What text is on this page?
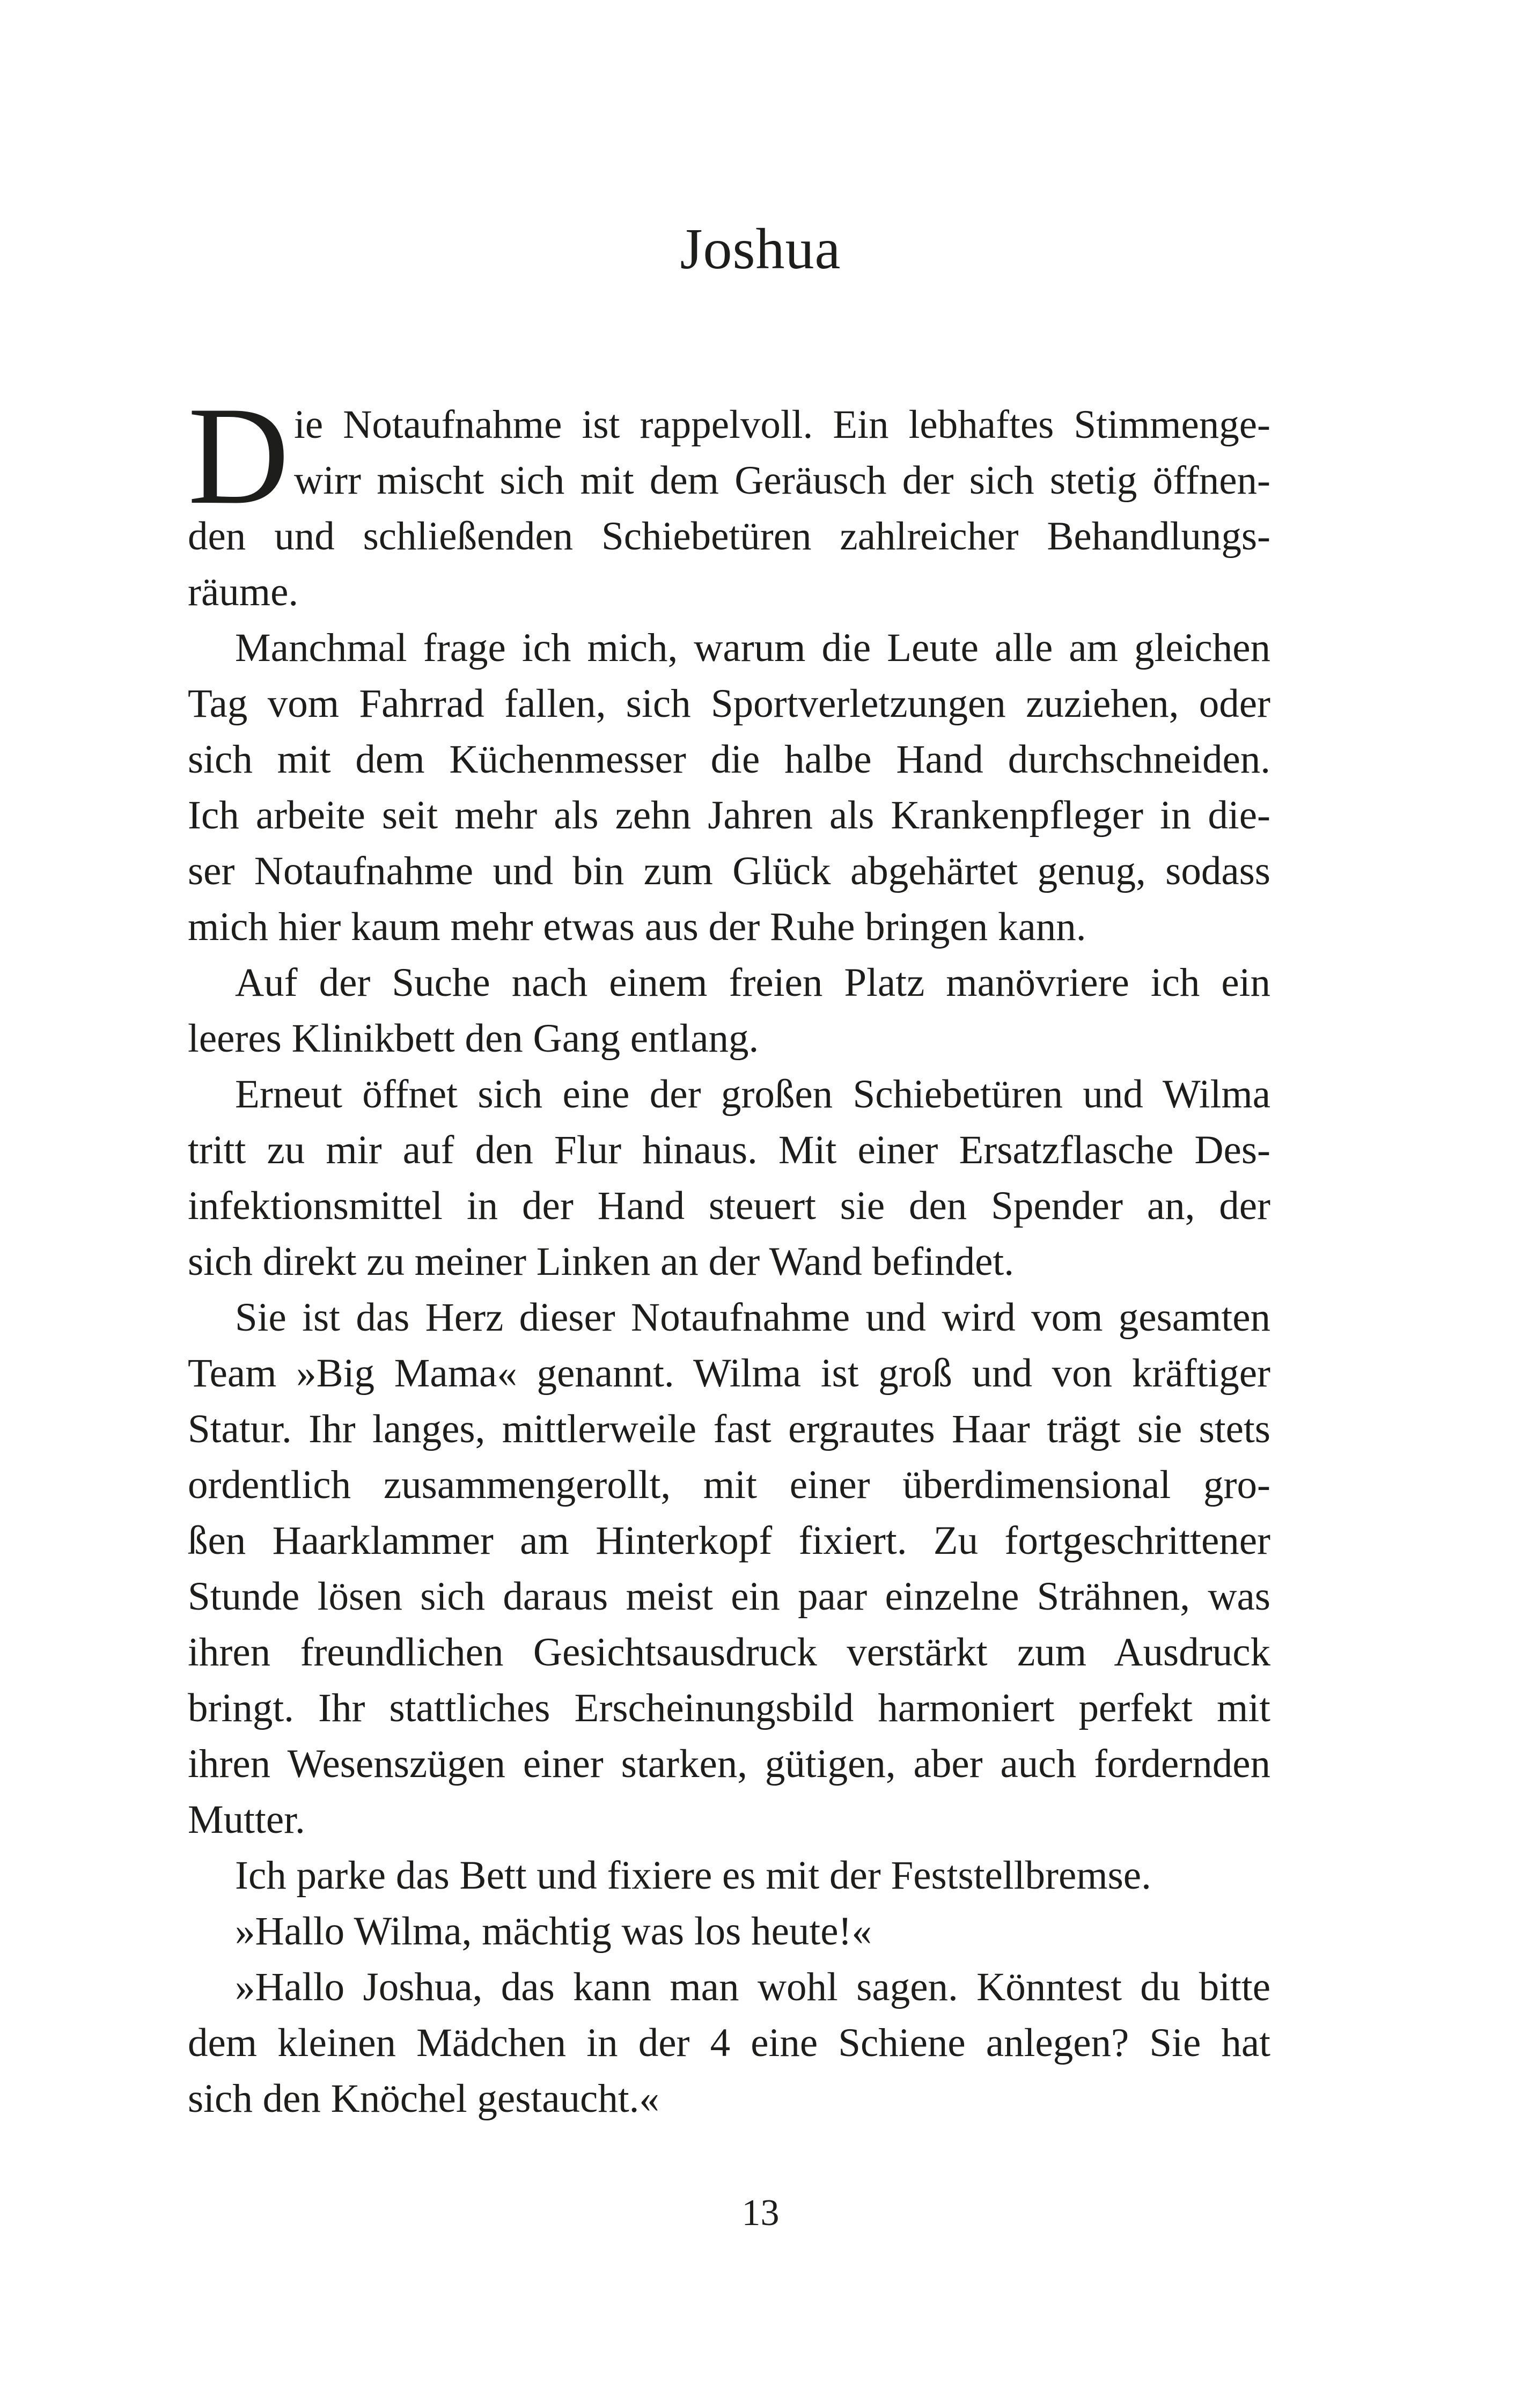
Joshua
D ie Notaufnahme ist rappelvoll. Ein lebhaftes Stimmenge-
wirr mischt sich mit dem Geräusch der sich stetig öffnen-
den und schließenden Schiebetüren zahlreicher Behandlungs-
räume.
Manchmal frage ich mich, warum die Leute alle am gleichen
Tag vom Fahrrad fallen, sich Sportverletzungen zuziehen, oder
sich mit dem Küchenmesser die halbe Hand durchschneiden.
Ich arbeite seit mehr als zehn Jahren als Krankenpfleger in die-
ser Notaufnahme und bin zum Glück abgehärtet genug, sodass
mich hier kaum mehr etwas aus der Ruhe bringen kann.
Auf der Suche nach einem freien Platz manövriere ich ein
leeres Klinikbett den Gang entlang.
Erneut öffnet sich eine der großen Schiebetüren und Wilma
tritt zu mir auf den Flur hinaus. Mit einer Ersatzflasche Des-
infektionsmittel in der Hand steuert sie den Spender an, der
sich direkt zu meiner Linken an der Wand befindet.
Sie ist das Herz dieser Notaufnahme und wird vom gesamten
Team »Big Mama« genannt. Wilma ist groß und von kräftiger
Statur. Ihr langes, mittlerweile fast ergrautes Haar trägt sie stets
ordentlich zusammengerollt, mit einer überdimensional gro-
ßen Haarklammer am Hinterkopf fixiert. Zu fortgeschrittener
Stunde lösen sich daraus meist ein paar einzelne Strähnen, was
ihren freundlichen Gesichtsausdruck verstärkt zum Ausdruck
bringt. Ihr stattliches Erscheinungsbild harmoniert perfekt mit
ihren Wesenszügen einer starken, gütigen, aber auch fordernden
Mutter.
Ich parke das Bett und fixiere es mit der Feststellbremse.
»Hallo Wilma, mächtig was los heute!«
»Hallo Joshua, das kann man wohl sagen. Könntest du bitte
dem kleinen Mädchen in der 4 eine Schiene anlegen? Sie hat
sich den Knöchel gestaucht.«
13
